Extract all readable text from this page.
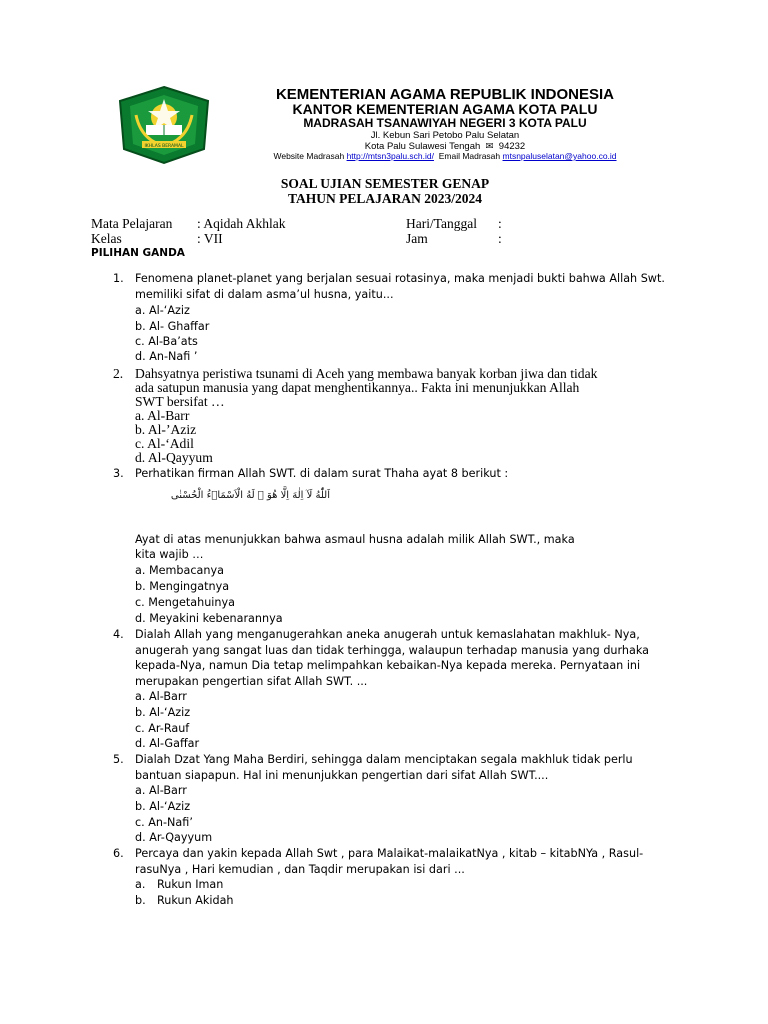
IKHLAS BERAMAL
KEMENTERIAN AGAMA REPUBLIK INDONESIA
KANTOR KEMENTERIAN AGAMA KOTA PALU
MADRASAH TSANAWIYAH NEGERI 3 KOTA PALU
Jl. Kebun Sari Petobo Palu Selatan
Kota Palu Sulawesi Tengah  ✉  94232
Website Madrasah http://mtsn3palu.sch.id/ Email Madrasah mtsnpaluselatan@yahoo.co.id
SOAL UJIAN SEMESTER GENAP
TAHUN PELAJARAN 2023/2024
Mata Pelajaran : Aqidah Akhlak	Hari/Tanggal :
Kelas	: VII	Jam	:
PILIHAN GANDA
1. Fenomena planet-planet yang berjalan sesuai rotasinya, maka menjadi bukti bahwa Allah Swt.
memiliki sifat di dalam asma’ul husna, yaitu...
a. Al-‘Aziz
b. Al- Ghaffar
c. Al-Ba’ats
d. An-Nafi ’
2. Dahsyatnya peristiwa tsunami di Aceh yang membawa banyak korban jiwa dan tidak
ada satupun manusia yang dapat menghentikannya.. Fakta ini menunjukkan Allah
SWT bersifat …
a. Al-Barr
b. Al-’Aziz
c. Al-‘Adil
d. Al-Qayyum
3. Perhatikan firman Allah SWT. di dalam surat Thaha ayat 8 berikut :
اَللّٰهُ لَآ اِلٰهَ اِلَّا هُوَ ۗ لَهُ الْاَسْمَاۤءُ الْحُسْنٰى
Ayat di atas menunjukkan bahwa asmaul husna adalah milik Allah SWT., maka
kita wajib …
a. Membacanya
b. Mengingatnya
c. Mengetahuinya
d. Meyakini kebenarannya
4. Dialah Allah yang menganugerahkan aneka anugerah untuk kemaslahatan makhluk- Nya,
anugerah yang sangat luas dan tidak terhingga, walaupun terhadap manusia yang durhaka
kepada-Nya, namun Dia tetap melimpahkan kebaikan-Nya kepada mereka. Pernyataan ini
merupakan pengertian sifat Allah SWT. ...
a. Al-Barr
b. Al-‘Aziz
c. Ar-Rauf
d. Al-Gaffar
5. Dialah Dzat Yang Maha Berdiri, sehingga dalam menciptakan segala makhluk tidak perlu
bantuan siapapun. Hal ini menunjukkan pengertian dari sifat Allah SWT....
a. Al-Barr
b. Al-‘Aziz
c. An-Nafi’
d. Ar-Qayyum
6. Percaya dan yakin kepada Allah Swt , para Malaikat-malaikatNya , kitab – kitabNYa , Rasul-
rasuNya , Hari kemudian , dan Taqdir merupakan isi dari ...
a. Rukun Iman
b. Rukun Akidah
